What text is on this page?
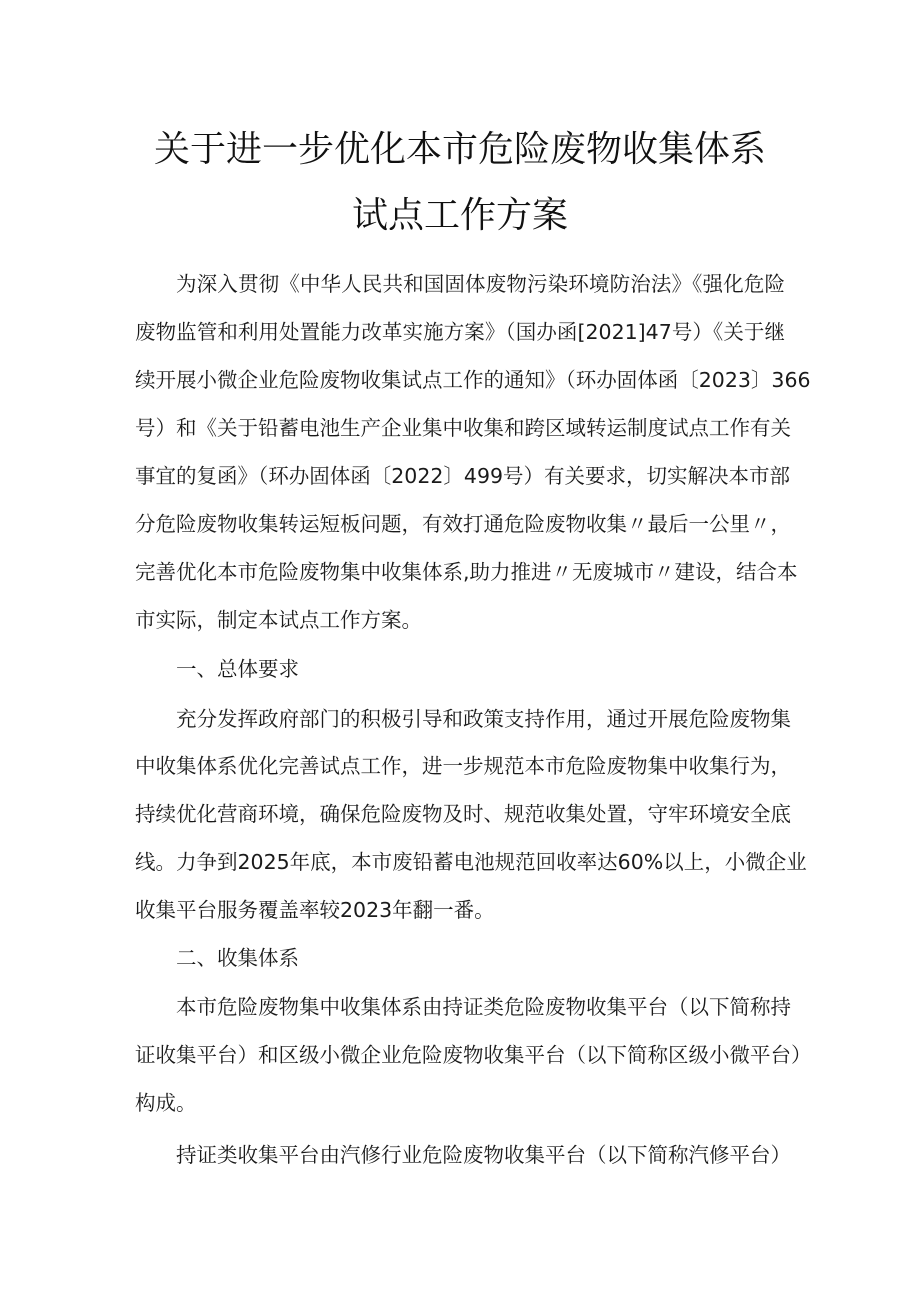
关于进一步优化本市危险废物收集体系
试点工作方案
为深入贯彻《中华人民共和国固体废物污染环境防治法》《强化危险
废物监管和利用处置能力改革实施方案》（国办函[2021]47号）《关于继
续开展小微企业危险废物收集试点工作的通知》（环办固体函〔2023〕366
号）和《关于铅蓄电池生产企业集中收集和跨区域转运制度试点工作有关
事宜的复函》（环办固体函〔2022〕499号）有关要求，切实解决本市部
分危险废物收集转运短板问题，有效打通危险废物收集〃最后一公里〃，
完善优化本市危险废物集中收集体系,助力推进〃无废城市〃建设，结合本
市实际，制定本试点工作方案。
一、总体要求
充分发挥政府部门的积极引导和政策支持作用，通过开展危险废物集
中收集体系优化完善试点工作，进一步规范本市危险废物集中收集行为，
持续优化营商环境，确保危险废物及时、规范收集处置，守牢环境安全底
线。力争到2025年底，本市废铅蓄电池规范回收率达60%以上，小微企业
收集平台服务覆盖率较2023年翻一番。
二、收集体系
本市危险废物集中收集体系由持证类危险废物收集平台（以下简称持
证收集平台）和区级小微企业危险废物收集平台（以下简称区级小微平台）
构成。
持证类收集平台由汽修行业危险废物收集平台（以下简称汽修平台）
